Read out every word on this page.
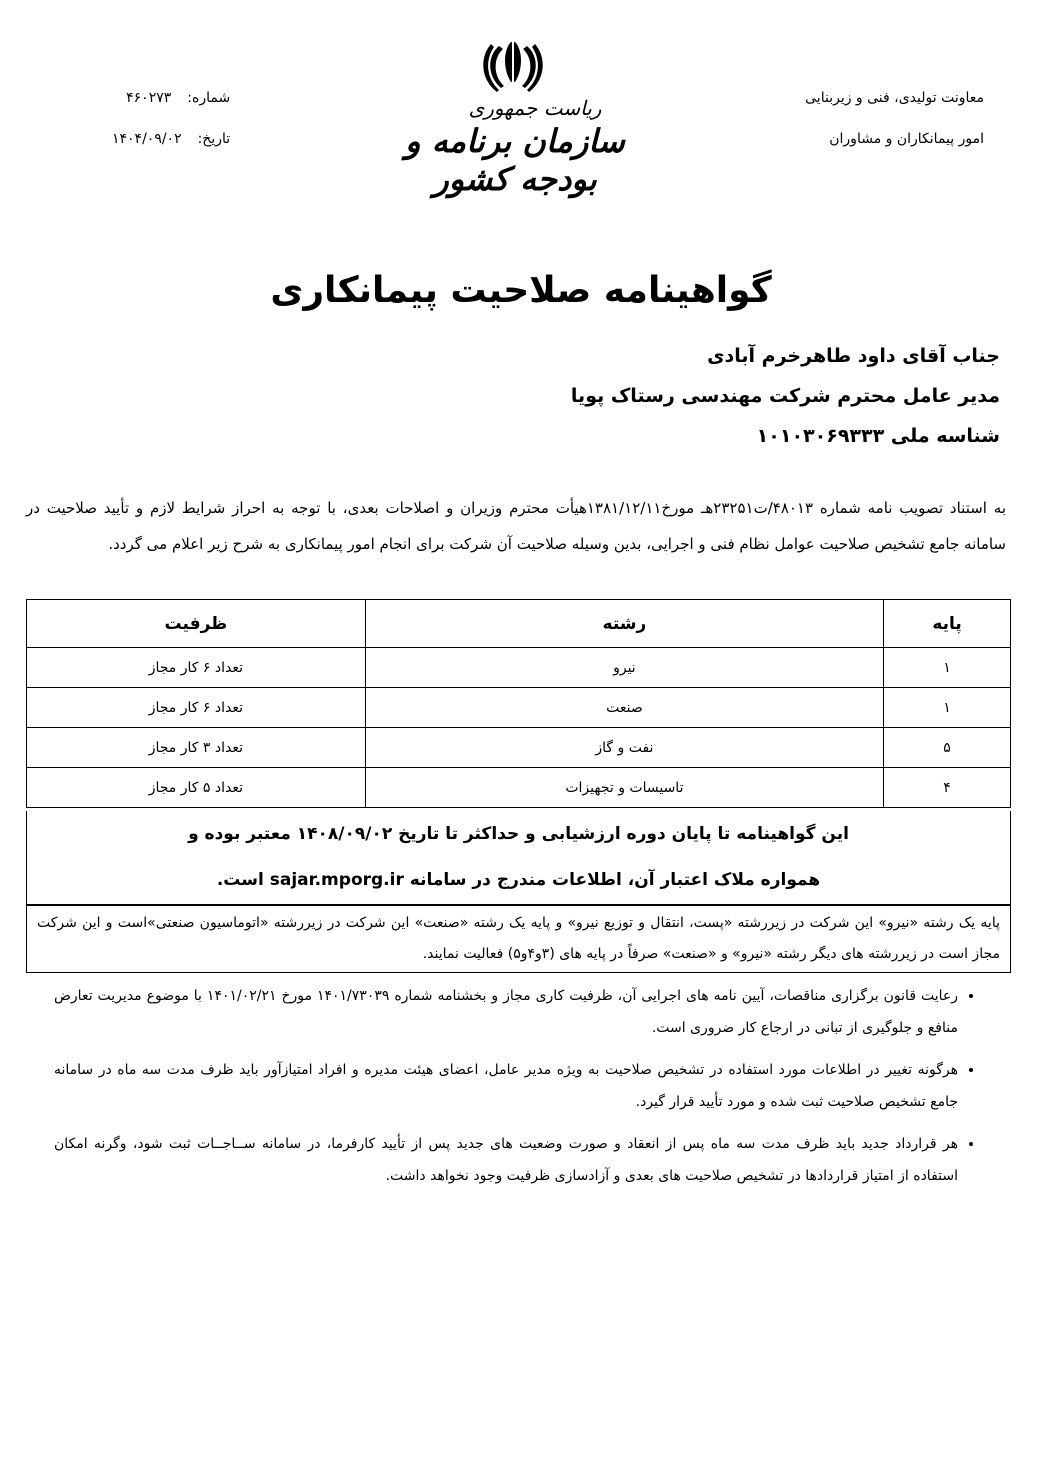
معاونت تولیدی، فنی و زیربنایی
امور پیمانکاران و مشاوران
ریاست جمهوری
سازمان برنامه و بودجه کشور
شماره:
۴۶۰۲۷۳
تاریخ:
۱۴۰۴/۰۹/۰۲
گواهینامه صلاحیت پیمانکاری
جناب آقای داود طاهرخرم آبادی
مدیر عامل محترم شرکت مهندسی رستاک پویا
شناسه ملی ۱۰۱۰۳۰۶۹۳۳۳
به استناد تصویب نامه شماره ۴۸۰۱۳/ت۲۳۲۵۱هـ مورخ۱۳۸۱/۱۲/۱۱هیأت محترم وزیران و اصلاحات بعدی، با توجه به احراز شرایط لازم و تأیید صلاحیت در سامانه جامع تشخیص صلاحیت عوامل نظام فنی و اجرایی، بدین وسیله صلاحیت آن شرکت برای انجام امور پیمانکاری به شرح زیر اعلام می گردد.
پایه	رشته	ظرفیت
۱	نیرو	تعداد ۶ کار مجاز
۱	صنعت	تعداد ۶ کار مجاز
۵	نفت و گاز	تعداد ۳ کار مجاز
۴	تاسیسات و تجهیزات	تعداد ۵ کار مجاز
این گواهینامه تا پایان دوره ارزشیابی و حداکثر تا تاریخ ۱۴۰۸/۰۹/۰۲ معتبر بوده و
همواره ملاک اعتبار آن، اطلاعات مندرج در سامانه sajar.mporg.ir است.
پایه یک رشته «نیرو» این شرکت در زیررشته «پست، انتقال و توزیع نیرو» و پایه یک رشته «صنعت» این شرکت در زیررشته «اتوماسیون صنعتی»است و این شرکت مجاز است در زیررشته های دیگر رشته «نیرو» و «صنعت» صرفاً در پایه های (۳و۴و۵) فعالیت نمایند.
• رعایت قانون برگزاری مناقصات، آیین نامه های اجرایی آن، ظرفیت کاری مجاز و بخشنامه شماره ۱۴۰۱/۷۳۰۳۹ مورخ ۱۴۰۱/۰۲/۲۱ با موضوع مدیریت تعارض منافع و جلوگیری از تبانی در ارجاع کار ضروری است.
• هرگونه تغییر در اطلاعات مورد استفاده در تشخیص صلاحیت به ویژه مدیر عامل، اعضای هیئت مدیره و افراد امتیازآور باید ظرف مدت سه ماه در سامانه جامع تشخیص صلاحیت ثبت شده و مورد تأیید قرار گیرد.
• هر قرارداد جدید باید ظرف مدت سه ماه پس از انعقاد و صورت وضعیت های جدید پس از تأیید کارفرما، در سامانه ســاجــات ثبت شود، وگرنه امکان استفاده از امتیاز قراردادها در تشخیص صلاحیت های بعدی و آزادسازی ظرفیت وجود نخواهد داشت.
